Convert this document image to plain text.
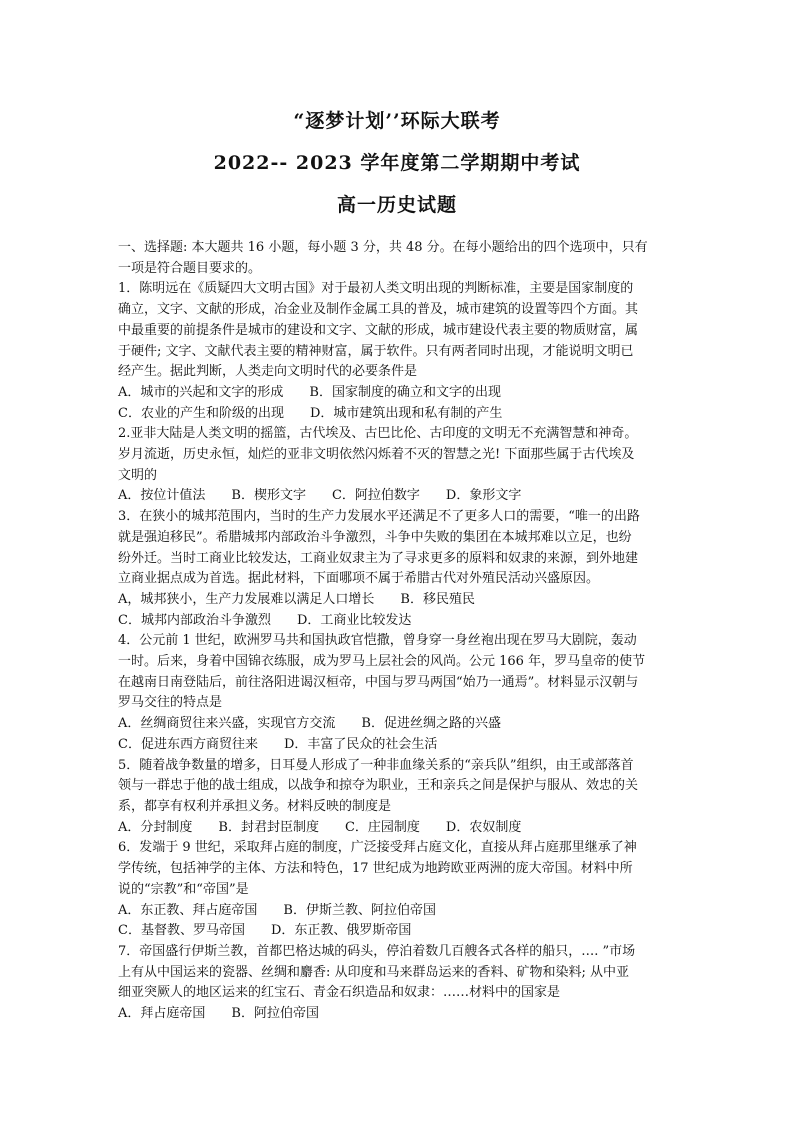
“逐梦计划’’环际大联考
2022-- 2023 学年度第二学期期中考试
高一历史试题
一、选择题: 本大题共 16 小题，每小题 3 分，共 48 分。在每小题给出的四个选项中，只有
一项是符合题目要求的。
1．陈明远在《质疑四大文明古国》对于最初人类文明出现的判断标准，主要是国家制度的
确立，文字、文献的形成，冶金业及制作金属工具的普及，城市建筑的设置等四个方面。其
中最重要的前提条件是城市的建设和文字、文献的形成，城市建设代表主要的物质财富，属
于硬件; 文字、文献代表主要的精神财富，属于软件。只有两者同时出现，才能说明文明已
经产生。据此判断，人类走向文明时代的必要条件是
A．城市的兴起和文字的形成 B．国家制度的确立和文字的出现
C．农业的产生和阶级的出现 D．城市建筑出现和私有制的产生
2.亚非大陆是人类文明的摇篮，古代埃及、古巴比伦、古印度的文明无不充满智慧和神奇。
岁月流逝，历史永恒，灿烂的亚非文明依然闪烁着不灭的智慧之光! 下面那些属于古代埃及
文明的
A．按位计值法 B．楔形文字 C．阿拉伯数字 D．象形文字
3．在狭小的城邦范围内，当时的生产力发展水平还满足不了更多人口的需要，“唯一的出路
就是强迫移民”。希腊城邦内部政治斗争激烈，斗争中失败的集团在本城邦难以立足，也纷
纷外迁。当时工商业比较发达，工商业奴隶主为了寻求更多的原料和奴隶的来源，到外地建
立商业据点成为首选。据此材料，下面哪项不属于希腊古代对外殖民活动兴盛原因。
A，城邦狭小，生产力发展难以满足人口增长 B．移民殖民
C．城邦内部政治斗争激烈 D．工商业比较发达
4．公元前 1 世纪，欧洲罗马共和国执政官恺撒，曾身穿一身丝袍出现在罗马大剧院，轰动
一时。后来，身着中国锦衣练服，成为罗马上层社会的风尚。公元 166 年，罗马皇帝的使节
在越南日南登陆后，前往洛阳进谒汉桓帝，中国与罗马两国“始乃一通焉”。材料显示汉朝与
罗马交往的特点是
A．丝绸商贸往来兴盛，实现官方交流 B．促进丝绸之路的兴盛
C．促进东西方商贸往来 D．丰富了民众的社会生活
5．随着战争数量的增多，日耳曼人形成了一种非血缘关系的“亲兵队”组织，由王或部落首
领与一群忠于他的战士组成，以战争和掠夺为职业，王和亲兵之间是保护与服从、效忠的关
系，都享有权利并承担义务。材料反映的制度是
A．分封制度 B．封君封臣制度 C．庄园制度 D．农奴制度
6．发端于 9 世纪，采取拜占庭的制度，广泛接受拜占庭文化，直接从拜占庭那里继承了神
学传统，包括神学的主体、方法和特色，17 世纪成为地跨欧亚两洲的庞大帝国。材料中所
说的“宗教”和“帝国”是
A．东正教、拜占庭帝国 B．伊斯兰教、阿拉伯帝国
C．基督教、罗马帝国 D．东正教、俄罗斯帝国
7．帝国盛行伊斯兰教，首都巴格达城的码头，停泊着数几百艘各式各样的船只，…. ”市场
上有从中国运来的瓷器、丝绸和麝香: 从印度和马来群岛运来的香料、矿物和染料; 从中亚
细亚突厥人的地区运来的红宝石、青金石织造品和奴隶：……材料中的国家是
A．拜占庭帝国 B．阿拉伯帝国
